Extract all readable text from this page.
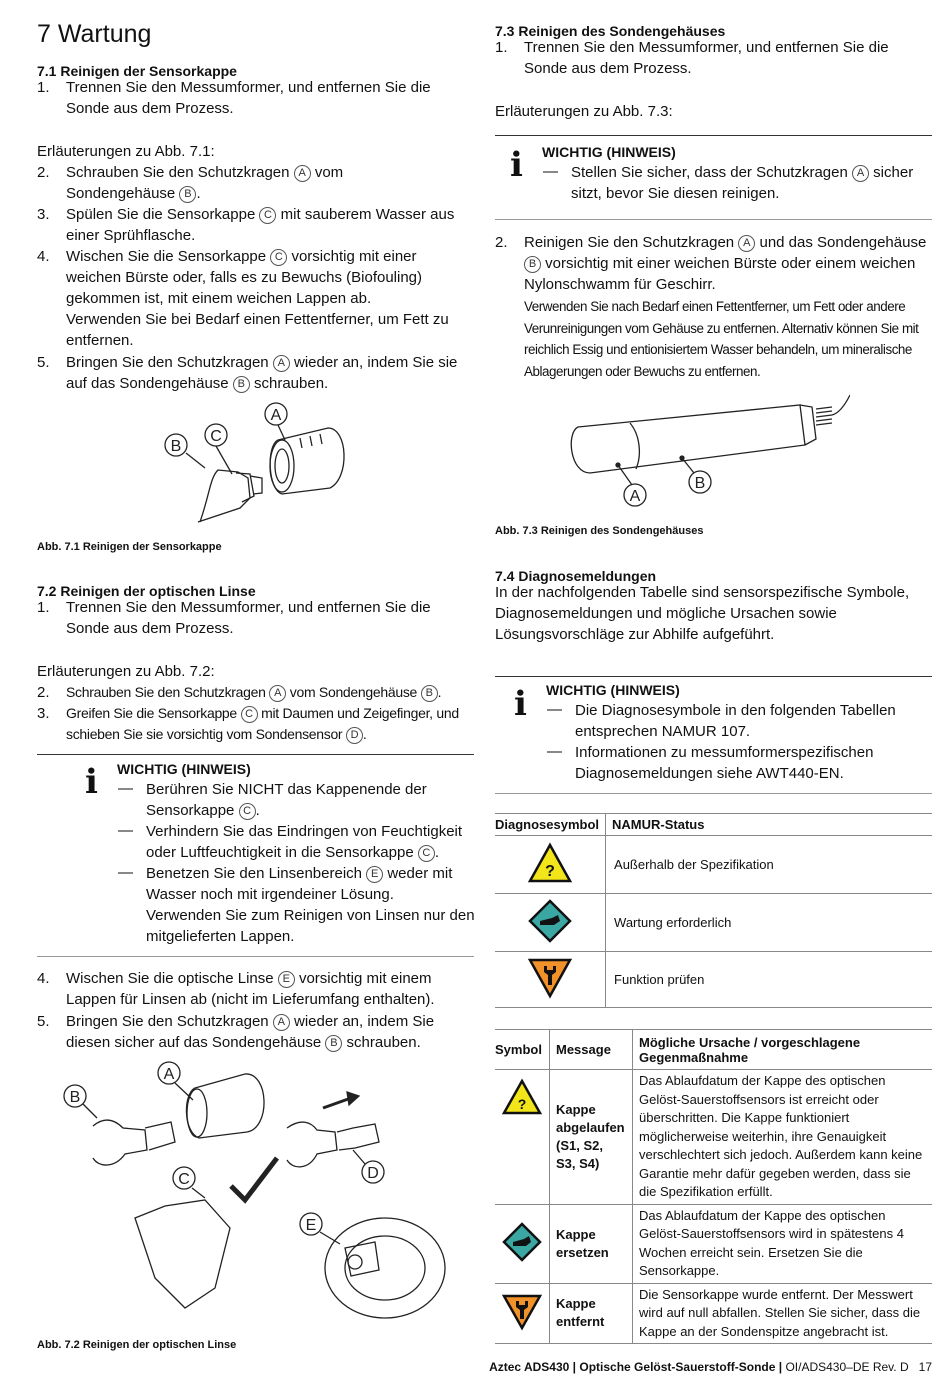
7 Wartung
7.1 Reinigen der Sensorkappe
1. Trennen Sie den Messumformer, und entfernen Sie die Sonde aus dem Prozess.
Erläuterungen zu Abb. 7.1:
2. Schrauben Sie den Schutzkragen A vom
Sondengehäuse B .
3. Spülen Sie die Sensorkappe C mit sauberem Wasser aus einer Sprühflasche.
4. Wischen Sie die Sensorkappe C vorsichtig mit einer weichen Bürste oder, falls es zu Bewuchs (Biofouling) gekommen ist, mit einem weichen Lappen ab.
Verwenden Sie bei Bedarf einen Fettentferner, um Fett zu entfernen.
5. Bringen Sie den Schutzkragen A wieder an, indem Sie sie auf das Sondengehäuse B schrauben.
A
C
B
Abb. 7.1 Reinigen der Sensorkappe
7.2 Reinigen der optischen Linse
1. Trennen Sie den Messumformer, und entfernen Sie die Sonde aus dem Prozess.
Erläuterungen zu Abb. 7.2:
2. Schrauben Sie den Schutzkragen A vom Sondengehäuse B .
3. Greifen Sie die Sensorkappe C mit Daumen und Zeigefinger, und schieben Sie sie vorsichtig vom Sondensensor D .
i WICHTIG (HINWEIS)
— Berühren Sie NICHT das Kappenende der Sensorkappe C .
— Verhindern Sie das Eindringen von Feuchtigkeit oder Luftfeuchtigkeit in die Sensorkappe C .
— Benetzen Sie den Linsenbereich E weder mit Wasser noch mit irgendeiner Lösung.
Verwenden Sie zum Reinigen von Linsen nur den mitgelieferten Lappen.
4. Wischen Sie die optische Linse E vorsichtig mit einem Lappen für Linsen ab (nicht im Lieferumfang enthalten).
5. Bringen Sie den Schutzkragen A wieder an, indem Sie diesen sicher auf das Sondengehäuse B schrauben.
B
A
C	D
E
Abb. 7.2 Reinigen der optischen Linse
7.3 Reinigen des Sondengehäuses
1. Trennen Sie den Messumformer, und entfernen Sie die Sonde aus dem Prozess.
Erläuterungen zu Abb. 7.3:
i WICHTIG (HINWEIS)
— Stellen Sie sicher, dass der Schutzkragen A sicher sitzt, bevor Sie diesen reinigen.
2. Reinigen Sie den Schutzkragen A und das Sondengehäuse B vorsichtig mit einer weichen Bürste oder einem weichen Nylonschwamm für Geschirr.
Verwenden Sie nach Bedarf einen Fettentferner, um Fett oder andere Verunreinigungen vom Gehäuse zu entfernen. Alternativ können Sie mit reichlich Essig und entionisiertem Wasser behandeln, um mineralische Ablagerungen oder Bewuchs zu entfernen.
A
B
Abb. 7.3 Reinigen des Sondengehäuses
7.4 Diagnosemeldungen
In der nachfolgenden Tabelle sind sensorspezifische Symbole, Diagnosemeldungen und mögliche Ursachen sowie Lösungsvorschläge zur Abhilfe aufgeführt.
i WICHTIG (HINWEIS)
— Die Diagnosesymbole in den folgenden Tabellen entsprechen NAMUR 107.
— Informationen zu messumformerspezifischen Diagnosemeldungen siehe AWT440-EN.
Diagnosesymbol	NAMUR-Status

?	Außerhalb der Spezifikation
	Wartung erforderlich
	Funktion prüfen
Symbol	Message	Mögliche Ursache / vorgeschlagene Gegenmaßnahme

?	Kappe abgelaufen (S1, S2, S3, S4)	Das Ablaufdatum der Kappe des optischen Gelöst-Sauerstoffsensors ist erreicht oder überschritten. Die Kappe funktioniert möglicherweise weiterhin, ihre Genauigkeit verschlechtert sich jedoch. Außerdem kann keine Garantie mehr dafür gegeben werden, dass sie die Spezifikation erfüllt.
	Kappe ersetzen	Das Ablaufdatum der Kappe des optischen Gelöst-Sauerstoffsensors wird in spätestens 4 Wochen erreicht sein. Ersetzen Sie die Sensorkappe.
	Kappe entfernt	Die Sensorkappe wurde entfernt. Der Messwert wird auf null abfallen. Stellen Sie sicher, dass die Kappe an der Sondenspitze angebracht ist.
Aztec ADS430 | Optische Gelöst-Sauerstoff-Sonde | OI/ADS430–DE Rev. D 17
